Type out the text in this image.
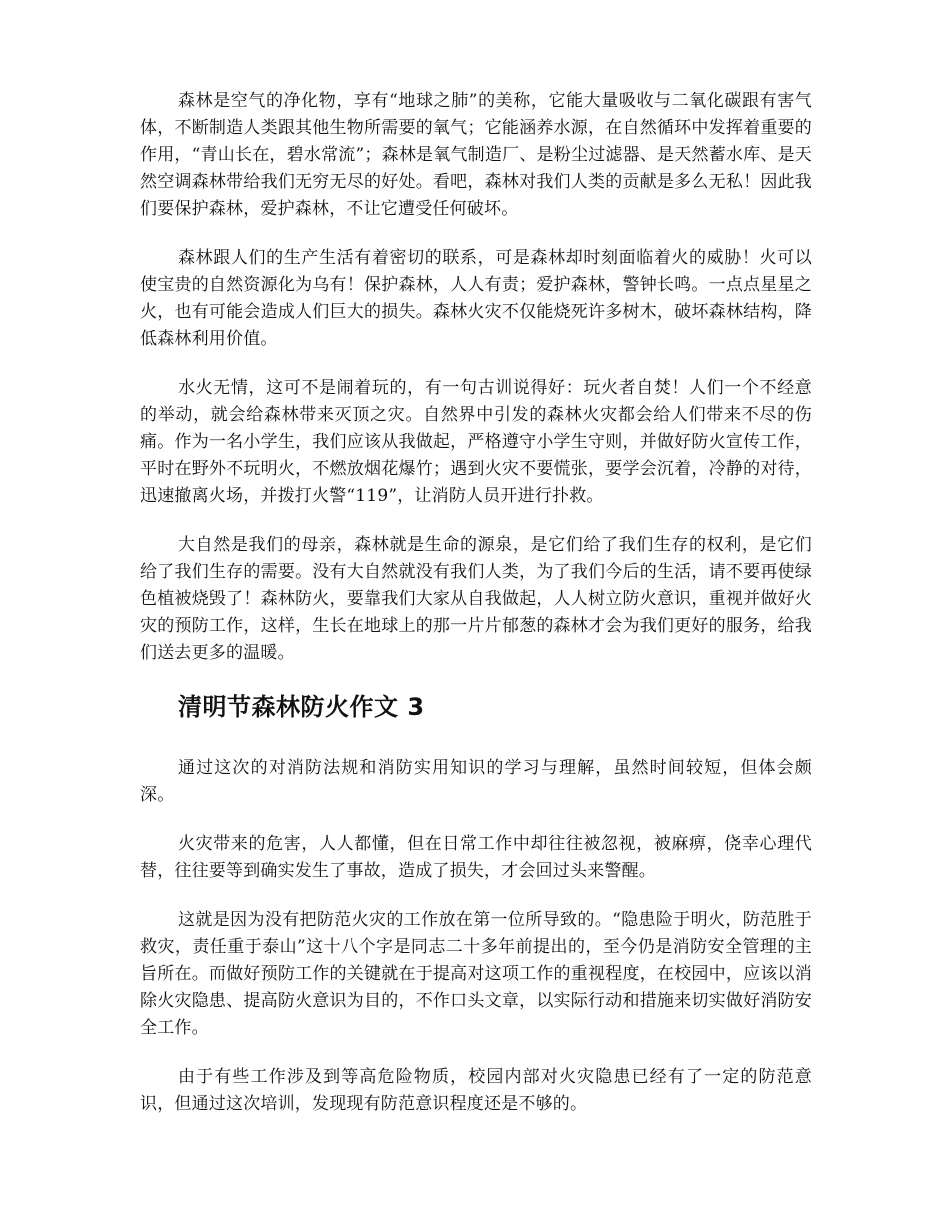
森林是空气的净化物，享有“地球之肺”的美称，它能大量吸收与二氧化碳跟有害气体，不断制造人类跟其他生物所需要的氧气；它能涵养水源，在自然循环中发挥着重要的作用，“青山长在，碧水常流”；森林是氧气制造厂、是粉尘过滤器、是天然蓄水库、是天然空调森林带给我们无穷无尽的好处。看吧，森林对我们人类的贡献是多么无私！因此我们要保护森林，爱护森林，不让它遭受任何破坏。

森林跟人们的生产生活有着密切的联系，可是森林却时刻面临着火的威胁！火可以使宝贵的自然资源化为乌有！保护森林，人人有责；爱护森林，警钟长鸣。一点点星星之火，也有可能会造成人们巨大的损失。森林火灾不仅能烧死许多树木，破坏森林结构，降低森林利用价值。

水火无情，这可不是闹着玩的，有一句古训说得好：玩火者自焚！人们一个不经意的举动，就会给森林带来灭顶之灾。自然界中引发的森林火灾都会给人们带来不尽的伤痛。作为一名小学生，我们应该从我做起，严格遵守小学生守则，并做好防火宣传工作，平时在野外不玩明火，不燃放烟花爆竹；遇到火灾不要慌张，要学会沉着，冷静的对待，迅速撤离火场，并拨打火警“119”，让消防人员开进行扑救。

大自然是我们的母亲，森林就是生命的源泉，是它们给了我们生存的权利，是它们给了我们生存的需要。没有大自然就没有我们人类，为了我们今后的生活，请不要再使绿色植被烧毁了！森林防火，要靠我们大家从自我做起，人人树立防火意识，重视并做好火灾的预防工作，这样，生长在地球上的那一片片郁葱的森林才会为我们更好的服务，给我们送去更多的温暖。

清明节森林防火作文 3

通过这次的对消防法规和消防实用知识的学习与理解，虽然时间较短，但体会颇深。

火灾带来的危害，人人都懂，但在日常工作中却往往被忽视，被麻痹，侥幸心理代替，往往要等到确实发生了事故，造成了损失，才会回过头来警醒。

这就是因为没有把防范火灾的工作放在第一位所导致的。“隐患险于明火，防范胜于救灾，责任重于泰山”这十八个字是同志二十多年前提出的，至今仍是消防安全管理的主旨所在。而做好预防工作的关键就在于提高对这项工作的重视程度，在校园中，应该以消除火灾隐患、提高防火意识为目的，不作口头文章，以实际行动和措施来切实做好消防安全工作。

由于有些工作涉及到等高危险物质，校园内部对火灾隐患已经有了一定的防范意识，但通过这次培训，发现现有防范意识程度还是不够的。
